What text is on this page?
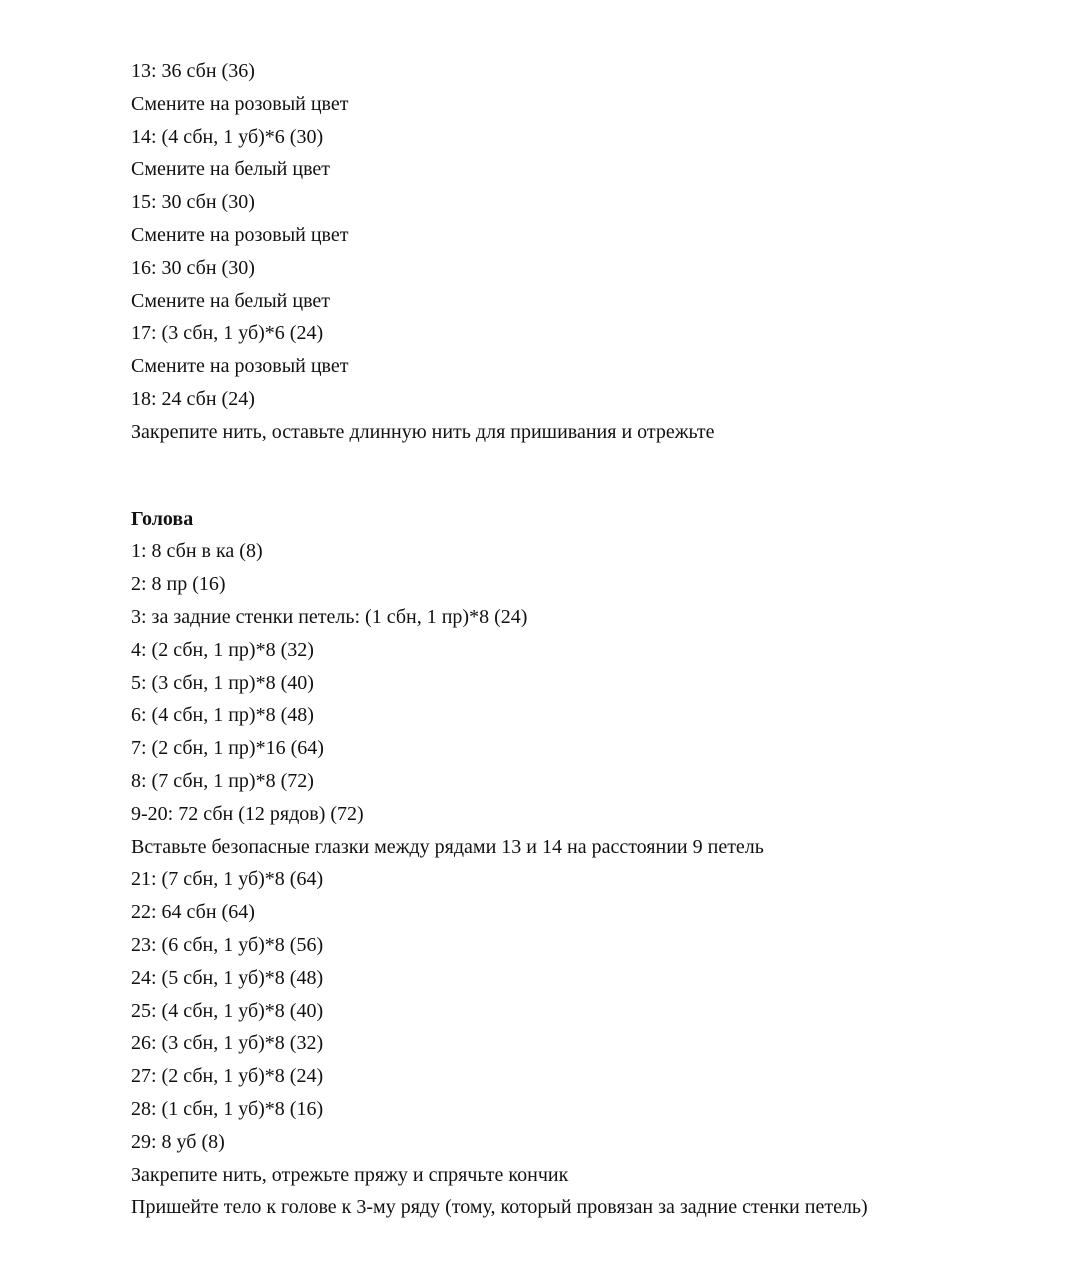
13: 36 сбн (36)
Смените на розовый цвет
14: (4 сбн, 1 уб)*6 (30)
Смените на белый цвет
15: 30 сбн (30)
Смените на розовый цвет
16: 30 сбн (30)
Смените на белый цвет
17: (3 сбн, 1 уб)*6 (24)
Смените на розовый цвет
18: 24 сбн (24)
Закрепите нить, оставьте длинную нить для пришивания и отрежьте
Голова
1: 8 сбн в ка (8)
2: 8 пр (16)
3: за задние стенки петель: (1 сбн, 1 пр)*8 (24)
4: (2 сбн, 1 пр)*8 (32)
5: (3 сбн, 1 пр)*8 (40)
6: (4 сбн, 1 пр)*8 (48)
7: (2 сбн, 1 пр)*16 (64)
8: (7 сбн, 1 пр)*8 (72)
9-20: 72 сбн (12 рядов) (72)
Вставьте безопасные глазки между рядами 13 и 14 на расстоянии 9 петель
21: (7 сбн, 1 уб)*8 (64)
22: 64 сбн (64)
23: (6 сбн, 1 уб)*8 (56)
24: (5 сбн, 1 уб)*8 (48)
25: (4 сбн, 1 уб)*8 (40)
26: (3 сбн, 1 уб)*8 (32)
27: (2 сбн, 1 уб)*8 (24)
28: (1 сбн, 1 уб)*8 (16)
29: 8 уб (8)
Закрепите нить, отрежьте пряжу и спрячьте кончик
Пришейте тело к голове к 3-му ряду (тому, который провязан за задние стенки петель)
